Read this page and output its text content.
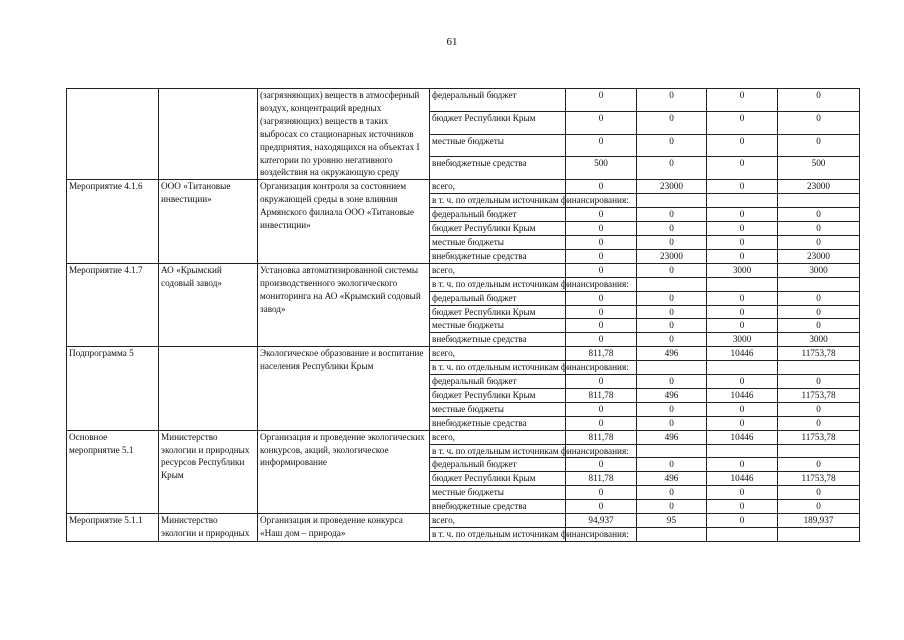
61
		(загрязняющих) веществ в атмосферный воздух, концентраций вредных (загрязняющих) веществ в таких выбросах со стационарных источников предприятия, находящихся на объектах I категории по уровню негативного воздействия на окружающую среду	федеральный бюджет	0	0	0	0
			бюджет Республики Крым	0	0	0	0
			местные бюджеты	0	0	0	0
			внебюджетные средства	500	0	0	500
Мероприятие 4.1.6	ООО «Титановые инвестиции»	Организация контроля за состоянием окружающей среды в зоне влияния Армянского филиала ООО «Титановые инвестиции»	всего,	0	23000	0	23000
			в т. ч. по отдельным источникам финансирования:				
			федеральный бюджет	0	0	0	0
			бюджет Республики Крым	0	0	0	0
			местные бюджеты	0	0	0	0
			внебюджетные средства	0	23000	0	23000
Мероприятие 4.1.7	АО «Крымский содовый завод»	Установка автоматизированной системы производственного экологического мониторинга на АО «Крымский содовый завод»	всего,	0	0	3000	3000
			в т. ч. по отдельным источникам финансирования:				
			федеральный бюджет	0	0	0	0
			бюджет Республики Крым	0	0	0	0
			местные бюджеты	0	0	0	0
			внебюджетные средства	0	0	3000	3000
Подпрограмма 5		Экологическое образование и воспитание населения Республики Крым	всего,	811,78	496	10446	11753,78
			в т. ч. по отдельным источникам финансирования:				
			федеральный бюджет	0	0	0	0
			бюджет Республики Крым	811,78	496	10446	11753,78
			местные бюджеты	0	0	0	0
			внебюджетные средства	0	0	0	0
Основное мероприятие 5.1	Министерство экологии и природных ресурсов Республики Крым	Организация и проведение экологических конкурсов, акций, экологическое информирование	всего,	811,78	496	10446	11753,78
			в т. ч. по отдельным источникам финансирования:				
			федеральный бюджет	0	0	0	0
			бюджет Республики Крым	811,78	496	10446	11753,78
			местные бюджеты	0	0	0	0
			внебюджетные средства	0	0	0	0
Мероприятие 5.1.1	Министерство экологии и природных	Организация и проведение конкурса «Наш дом – природа»	всего,	94,937	95	0	189,937
			в т. ч. по отдельным источникам финансирования:				
